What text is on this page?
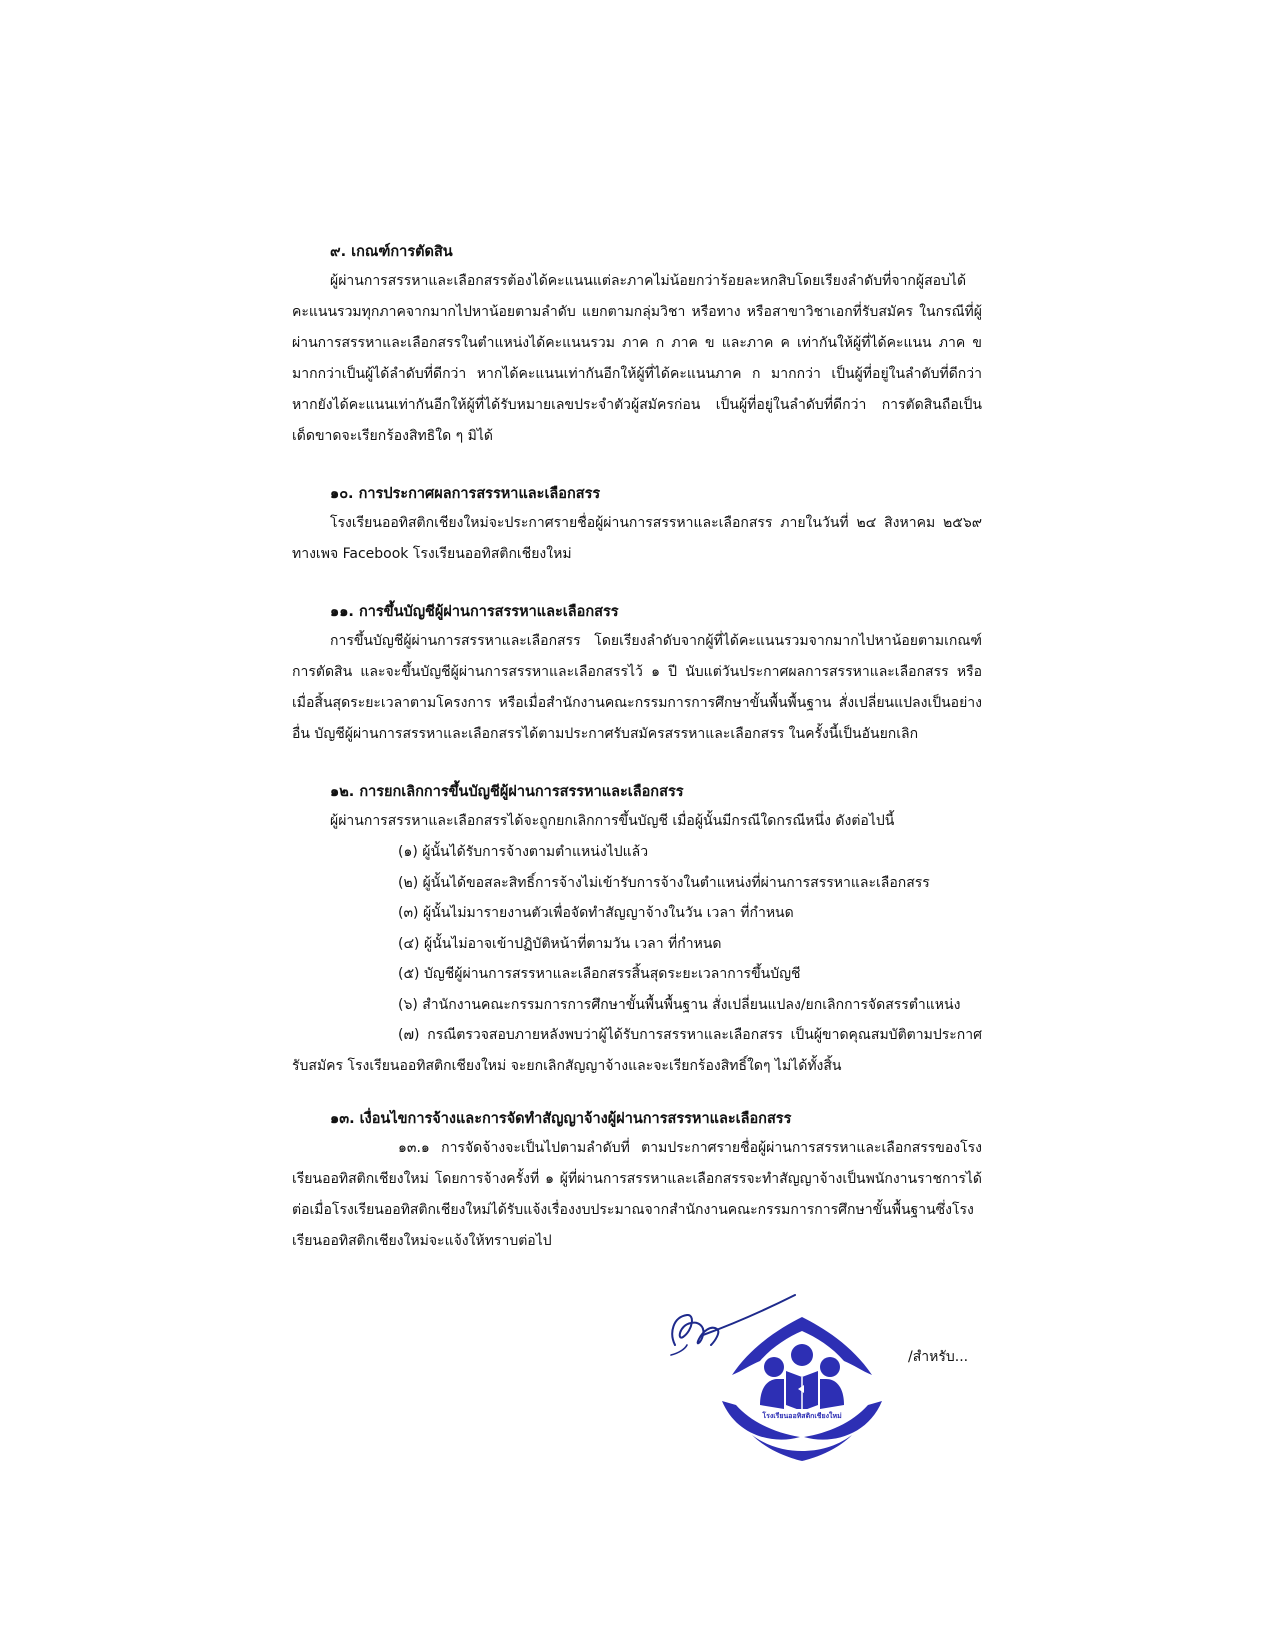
๙. เกณฑ์การตัดสิน

ผู้ผ่านการสรรหาและเลือกสรรต้องได้คะแนนแต่ละภาคไม่น้อยกว่าร้อยละหกสิบโดยเรียงลำดับที่จากผู้สอบได้คะแนนรวมทุกภาคจากมากไปหาน้อยตามลำดับ แยกตามกลุ่มวิชา หรือทาง หรือสาขาวิชาเอกที่รับสมัคร ในกรณีที่ผู้ผ่านการสรรหาและเลือกสรรในตำแหน่งได้คะแนนรวม ภาค ก ภาค ข และภาค ค เท่ากันให้ผู้ที่ได้คะแนน ภาค ข มากกว่าเป็นผู้ได้ลำดับที่ดีกว่า หากได้คะแนนเท่ากันอีกให้ผู้ที่ได้คะแนนภาค ก มากกว่า เป็นผู้ที่อยู่ในลำดับที่ดีกว่า หากยังได้คะแนนเท่ากันอีกให้ผู้ที่ได้รับหมายเลขประจำตัวผู้สมัครก่อน เป็นผู้ที่อยู่ในลำดับที่ดีกว่า การตัดสินถือเป็นเด็ดขาดจะเรียกร้องสิทธิใด ๆ มิได้

๑๐. การประกาศผลการสรรหาและเลือกสรร

โรงเรียนออทิสติกเชียงใหม่จะประกาศรายชื่อผู้ผ่านการสรรหาและเลือกสรร ภายในวันที่ ๒๔ สิงหาคม ๒๕๖๙ ทางเพจ Facebook โรงเรียนออทิสติกเชียงใหม่

๑๑. การขึ้นบัญชีผู้ผ่านการสรรหาและเลือกสรร

การขึ้นบัญชีผู้ผ่านการสรรหาและเลือกสรร โดยเรียงลำดับจากผู้ที่ได้คะแนนรวมจากมากไปหาน้อยตามเกณฑ์การตัดสิน และจะขึ้นบัญชีผู้ผ่านการสรรหาและเลือกสรรไว้ ๑ ปี นับแต่วันประกาศผลการสรรหาและเลือกสรร หรือเมื่อสิ้นสุดระยะเวลาตามโครงการ หรือเมื่อสำนักงานคณะกรรมการการศึกษาขั้นพื้นพื้นฐาน สั่งเปลี่ยนแปลงเป็นอย่างอื่น บัญชีผู้ผ่านการสรรหาและเลือกสรรได้ตามประกาศรับสมัครสรรหาและเลือกสรร ในครั้งนี้เป็นอันยกเลิก

๑๒. การยกเลิกการขึ้นบัญชีผู้ผ่านการสรรหาและเลือกสรร

ผู้ผ่านการสรรหาและเลือกสรรได้จะถูกยกเลิกการขึ้นบัญชี เมื่อผู้นั้นมีกรณีใดกรณีหนึ่ง ดังต่อไปนี้

(๑) ผู้นั้นได้รับการจ้างตามตำแหน่งไปแล้ว

(๒) ผู้นั้นได้ขอสละสิทธิ์การจ้างไม่เข้ารับการจ้างในตำแหน่งที่ผ่านการสรรหาและเลือกสรร

(๓) ผู้นั้นไม่มารายงานตัวเพื่อจัดทำสัญญาจ้างในวัน เวลา ที่กำหนด

(๔) ผู้นั้นไม่อาจเข้าปฏิบัติหน้าที่ตามวัน เวลา ที่กำหนด

(๕) บัญชีผู้ผ่านการสรรหาและเลือกสรรสิ้นสุดระยะเวลาการขึ้นบัญชี

(๖) สำนักงานคณะกรรมการการศึกษาขั้นพื้นพื้นฐาน สั่งเปลี่ยนแปลง/ยกเลิกการจัดสรรตำแหน่ง

(๗) กรณีตรวจสอบภายหลังพบว่าผู้ได้รับการสรรหาและเลือกสรร เป็นผู้ขาดคุณสมบัติตามประกาศรับสมัคร โรงเรียนออทิสติกเชียงใหม่ จะยกเลิกสัญญาจ้างและจะเรียกร้องสิทธิ์ใดๆ ไม่ได้ทั้งสิ้น

๑๓. เงื่อนไขการจ้างและการจัดทำสัญญาจ้างผู้ผ่านการสรรหาและเลือกสรร

๑๓.๑ การจัดจ้างจะเป็นไปตามลำดับที่ ตามประกาศรายชื่อผู้ผ่านการสรรหาและเลือกสรรของโรงเรียนออทิสติกเชียงใหม่ โดยการจ้างครั้งที่ ๑ ผู้ที่ผ่านการสรรหาและเลือกสรรจะทำสัญญาจ้างเป็นพนักงานราชการได้ ต่อเมื่อโรงเรียนออทิสติกเชียงใหม่ได้รับแจ้งเรื่องงบประมาณจากสำนักงานคณะกรรมการการศึกษาขั้นพื้นฐานซึ่งโรงเรียนออทิสติกเชียงใหม่จะแจ้งให้ทราบต่อไป

โรงเรียนออทิสติกเชียงใหม่
/สำหรับ...
